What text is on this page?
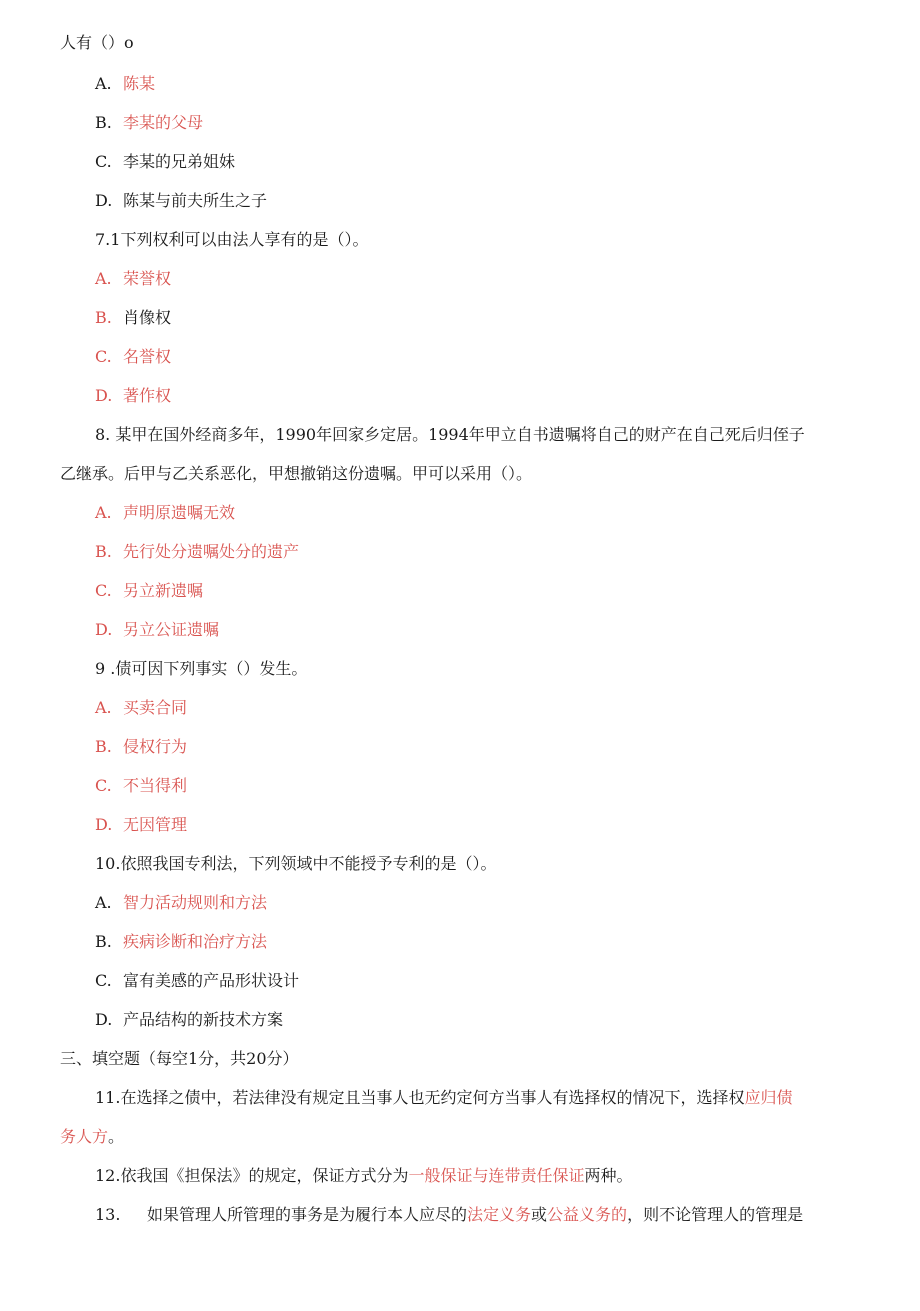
人有（）o
A. 陈某
B. 李某的父母
C. 李某的兄弟姐妹
D. 陈某与前夫所生之子
7.1下列权利可以由法人享有的是（）。
A. 荣誉权
B. 肖像权
C. 名誉权
D. 著作权
8. 某甲在国外经商多年，1990年回家乡定居。1994年甲立自书遗嘱将自己的财产在自己死后归侄子
乙继承。后甲与乙关系恶化，甲想撤销这份遗嘱。甲可以采用（）。
A. 声明原遗嘱无效
B. 先行处分遗嘱处分的遗产
C. 另立新遗嘱
D. 另立公证遗嘱
9 .债可因下列事实（）发生。
A. 买卖合同
B. 侵权行为
C. 不当得利
D. 无因管理
10.依照我国专利法，下列领域中不能授予专利的是（）。
A. 智力活动规则和方法
B. 疾病诊断和治疗方法
C. 富有美感的产品形状设计
D. 产品结构的新技术方案
三、填空题（每空1分，共20分）
11.在选择之债中，若法律没有规定且当事人也无约定何方当事人有选择权的情况下，选择权应归债
务人方。
12.依我国《担保法》的规定，保证方式分为一般保证与连带责任保证两种。
13. 如果管理人所管理的事务是为履行本人应尽的法定义务或公益义务的，则不论管理人的管理是
